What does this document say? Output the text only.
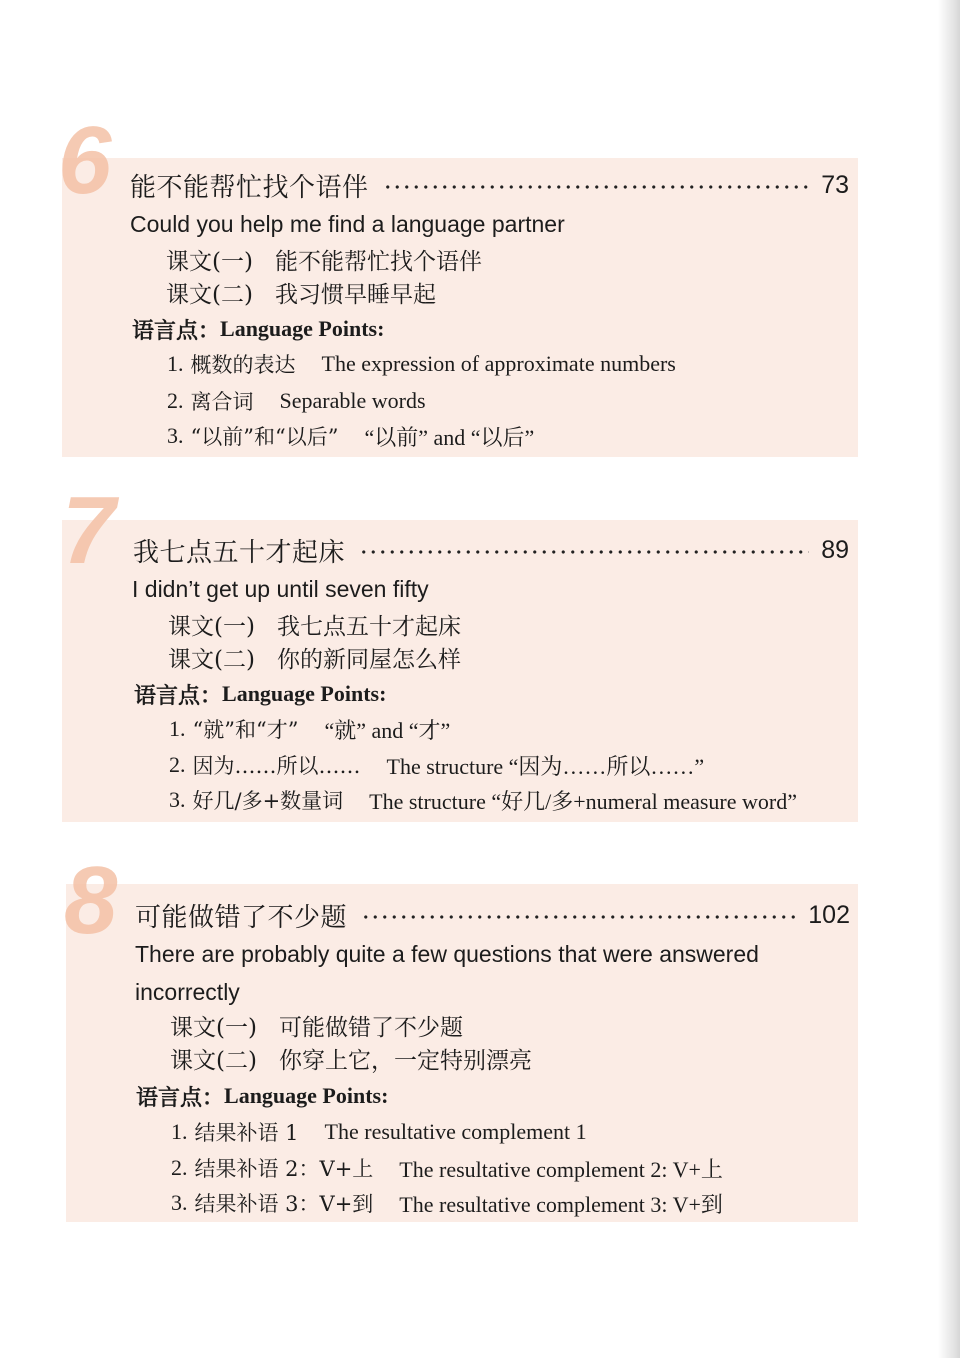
6 能不能帮忙找个语伴	73
Could you help me find a language partner
课文(一) 能不能帮忙找个语伴
课文(二) 我习惯早睡早起
语言点： Language Points:
1. 概数的表达 The expression of approximate numbers
2. 离合词 Separable words
3. “以前”和“以后” “以前” and “以后”
7 我七点五十才起床	89
I didn’t get up until seven fifty
课文(一) 我七点五十才起床
课文(二) 你的新同屋怎么样
语言点： Language Points:
1. “就”和“才” “就” and “才”
2. 因为……所以…… The structure “因为……所以……”
3. 好几/多+数量词 The structure “好几/多+numeral measure word”
8 可能做错了不少题	102
There are probably quite a few questions that were answered
incorrectly
课文(一) 可能做错了不少题
课文(二) 你穿上它，一定特别漂亮
语言点： Language Points:
1. 结果补语 1 The resultative complement 1
2. 结果补语 2：V+上 The resultative complement 2: V+上
3. 结果补语 3：V+到 The resultative complement 3: V+到
